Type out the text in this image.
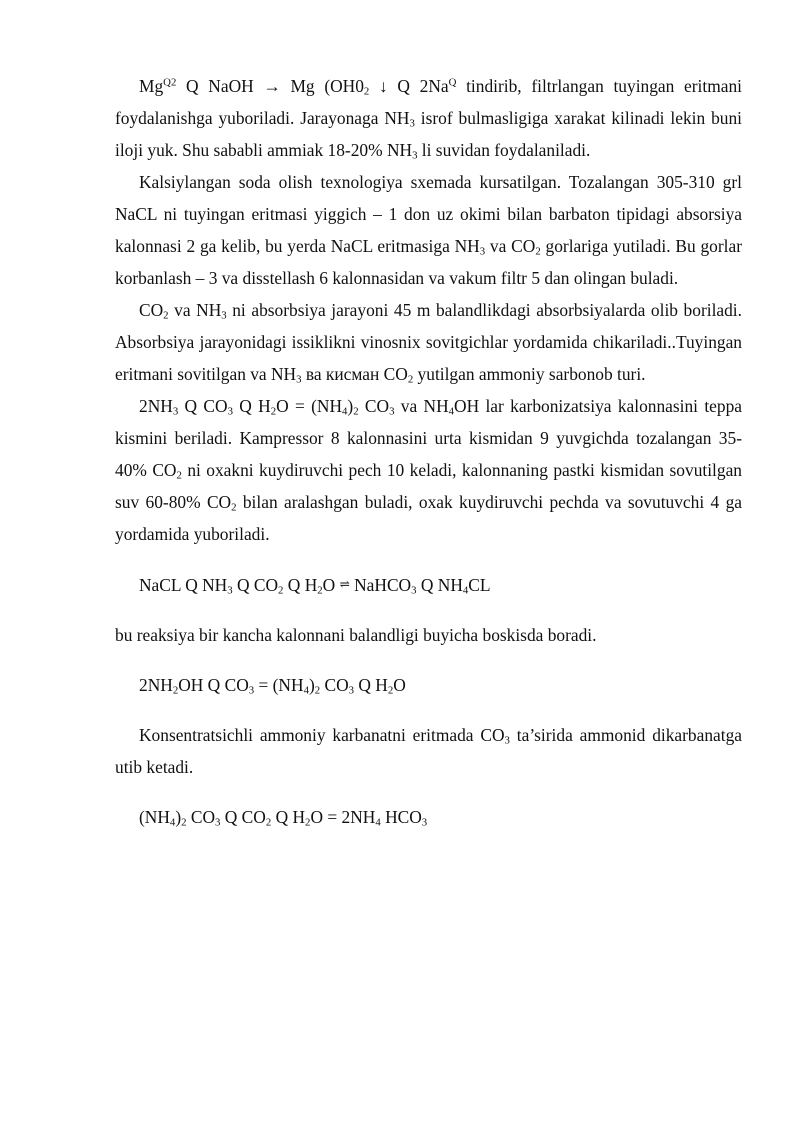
$Mg^{Q2}$ Q NaOH → Mg ($OH0_2$ ↓ Q $2Na^Q$ tindirib, filtrlangan tuyingan eritmani foydalanishga yuboriladi. Jarayonaga $NH_3$ isrof bulmasligiga xarakat kilinadi lekin buni iloji yuk. Shu sababli ammiak 18-20% $NH_3$ li suvidan foydalaniladi.

Kalsiylangan soda olish texnologiya sxemada kursatilgan. Tozalangan 305-310 grl NaCL ni tuyingan eritmasi yiggich – 1 don uz okimi bilan barbaton tipidagi absorsiya kalonnasi 2 ga kelib, bu yerda NaCL eritmasiga $NH_3$ va $CO_2$ gorlariga yutiladi. Bu gorlar korbanlash – 3 va disstellash 6 kalonnasidan va vakum filtr 5 dan olingan buladi.

$CO_2$ va $NH_3$ ni absorbsiya jarayoni 45 m balandlikdagi absorbsiyalarda olib boriladi. Absorbsiya jarayonidagi issiklikni vinosnix sovitgichlar yordamida chikariladi..Tuyingan eritmani sovitilgan va $NH_3$ ва кисман $CO_2$ yutilgan ammoniy sarbonob turi.

$2NH_3$ Q $CO_3$ Q $H_2O = (NH_4)_2$ $CO_3$ va $NH_4OH$ lar karbonizatsiya kalonnasini teppa kismini beriladi. Kampressor 8 kalonnasini urta kismidan 9 yuvgichda tozalangan 35-40% $CO_2$ ni oxakni kuydiruvchi pech 10 keladi, kalonnaning pastki kismidan sovutilgan suv 60-80% $CO_2$ bilan aralashgan buladi, oxak kuydiruvchi pechda va sovutuvchi 4 ga yordamida yuboriladi.

NaCL Q $NH_3$ Q $CO_2$ Q $H_2O$ ⇌ NaHCO$_3$ Q $NH_4CL$

bu reaksiya bir kancha kalonnani balandligi buyicha boskisda boradi.

$2NH_2OH$ Q $CO_3 = (NH_4)_2$ $CO_3$ Q $H_2O$

Konsentratsichli ammoniy karbanatni eritmada $CO_3$ ta’sirida ammonid dikarbanatga utib ketadi.

$(NH_4)_2$ $CO_3$ Q $CO_2$ Q $H_2O = 2NH_4$ $HCO_3$
